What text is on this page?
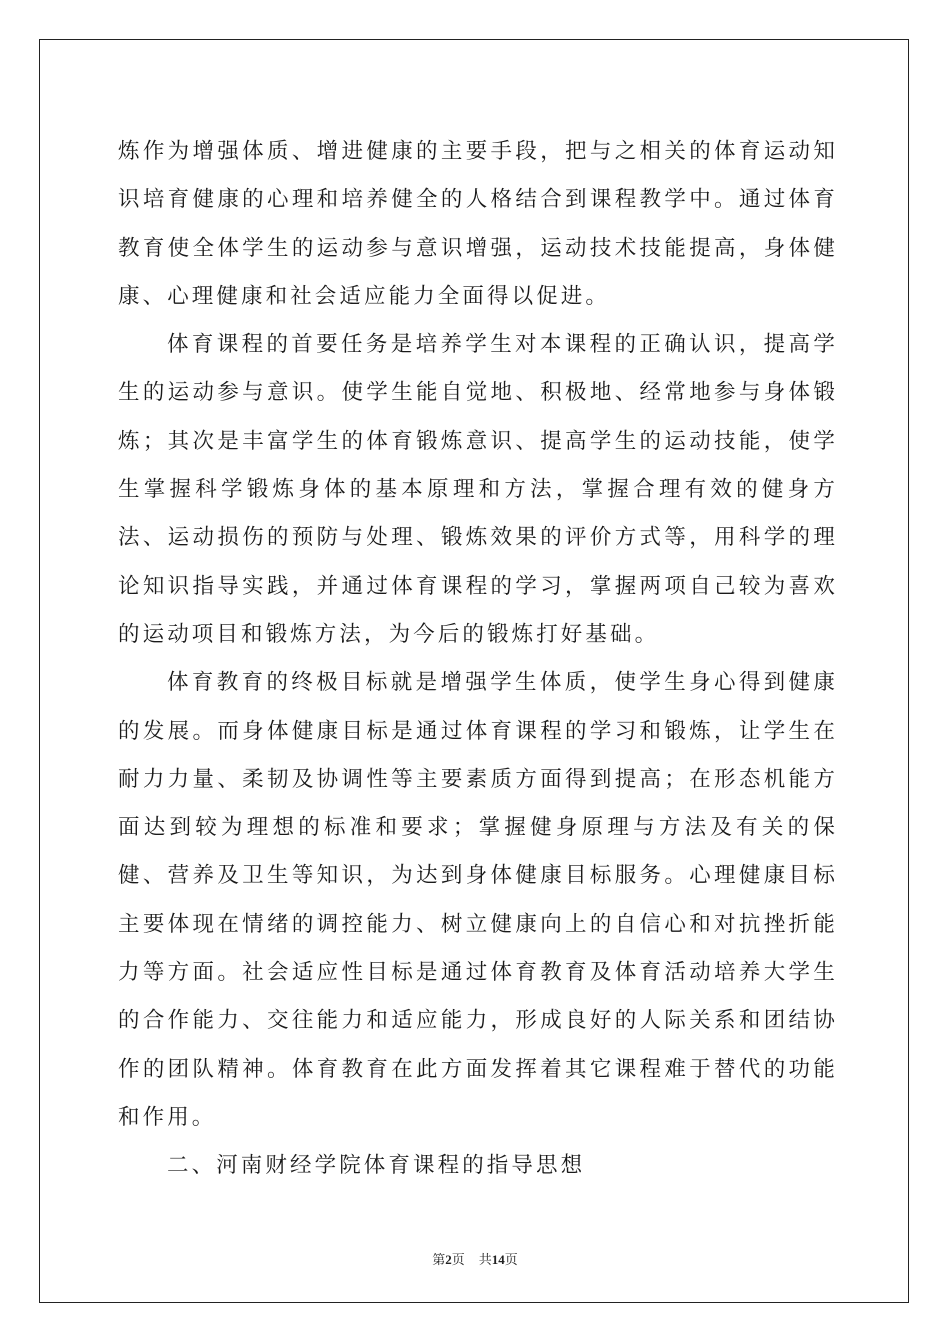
炼作为增强体质、增进健康的主要手段，把与之相关的体育运动知识培育健康的心理和培养健全的人格结合到课程教学中。通过体育教育使全体学生的运动参与意识增强，运动技术技能提高，身体健康、心理健康和社会适应能力全面得以促进。

体育课程的首要任务是培养学生对本课程的正确认识，提高学生的运动参与意识。使学生能自觉地、积极地、经常地参与身体锻炼；其次是丰富学生的体育锻炼意识、提高学生的运动技能，使学生掌握科学锻炼身体的基本原理和方法，掌握合理有效的健身方法、运动损伤的预防与处理、锻炼效果的评价方式等，用科学的理论知识指导实践，并通过体育课程的学习，掌握两项自己较为喜欢的运动项目和锻炼方法，为今后的锻炼打好基础。

体育教育的终极目标就是增强学生体质，使学生身心得到健康的发展。而身体健康目标是通过体育课程的学习和锻炼，让学生在耐力力量、柔韧及协调性等主要素质方面得到提高；在形态机能方面达到较为理想的标准和要求；掌握健身原理与方法及有关的保健、营养及卫生等知识，为达到身体健康目标服务。心理健康目标主要体现在情绪的调控能力、树立健康向上的自信心和对抗挫折能力等方面。社会适应性目标是通过体育教育及体育活动培养大学生的合作能力、交往能力和适应能力，形成良好的人际关系和团结协作的团队精神。体育教育在此方面发挥着其它课程难于替代的功能和作用。

二、河南财经学院体育课程的指导思想

第2页 共14页
